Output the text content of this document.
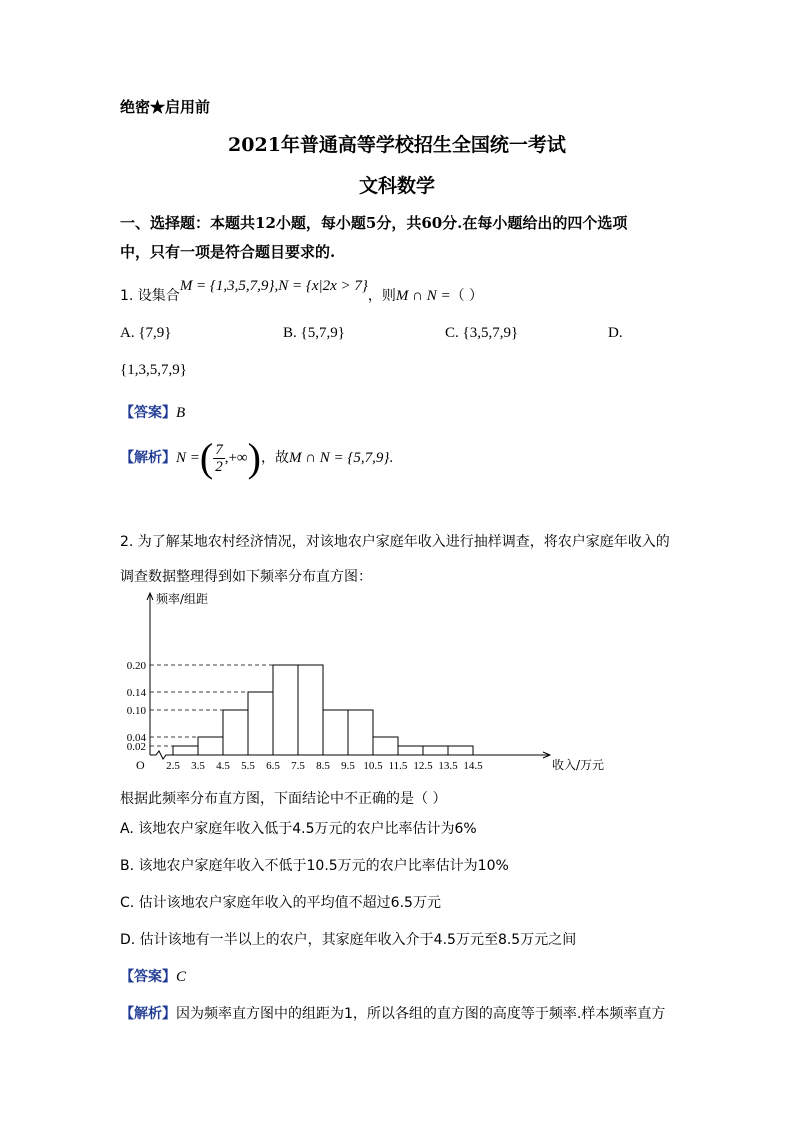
绝密★启用前
2021年普通高等学校招生全国统一考试
文科数学
一、选择题：本题共12小题，每小题5分，共60分.在每小题给出的四个选项
中，只有一项是符合题目要求的.
1. 设集合M = {1,3,5,7,9},N = {x|2x > 7}，则M ∩ N =（ ）
A. {7,9}	B. {5,7,9}	C. {3,5,7,9}	D.
{1,3,5,7,9}
【答案】B
【解析】N =( $\frac{7}{2}$ ,+∞)，故M ∩ N = {5,7,9}.
2. 为了解某地农村经济情况，对该地农户家庭年收入进行抽样调查，将农户家庭年收入的
调查数据整理得到如下频率分布直方图：
0.02
0.04
0.10
0.14
0.20
频率/组距
O 2.5 3.5 4.5 5.5 6.5 7.5 8.5 9.5 10.5 11.5 12.5 13.5 14.5	收入/万元
根据此频率分布直方图，下面结论中不正确的是（ ）
A. 该地农户家庭年收入低于4.5万元的农户比率估计为6%
B. 该地农户家庭年收入不低于10.5万元的农户比率估计为10%
C. 估计该地农户家庭年收入的平均值不超过6.5万元
D. 估计该地有一半以上的农户，其家庭年收入介于4.5万元至8.5万元之间
【答案】C
【解析】因为频率直方图中的组距为1，所以各组的直方图的高度等于频率.样本频率直方
